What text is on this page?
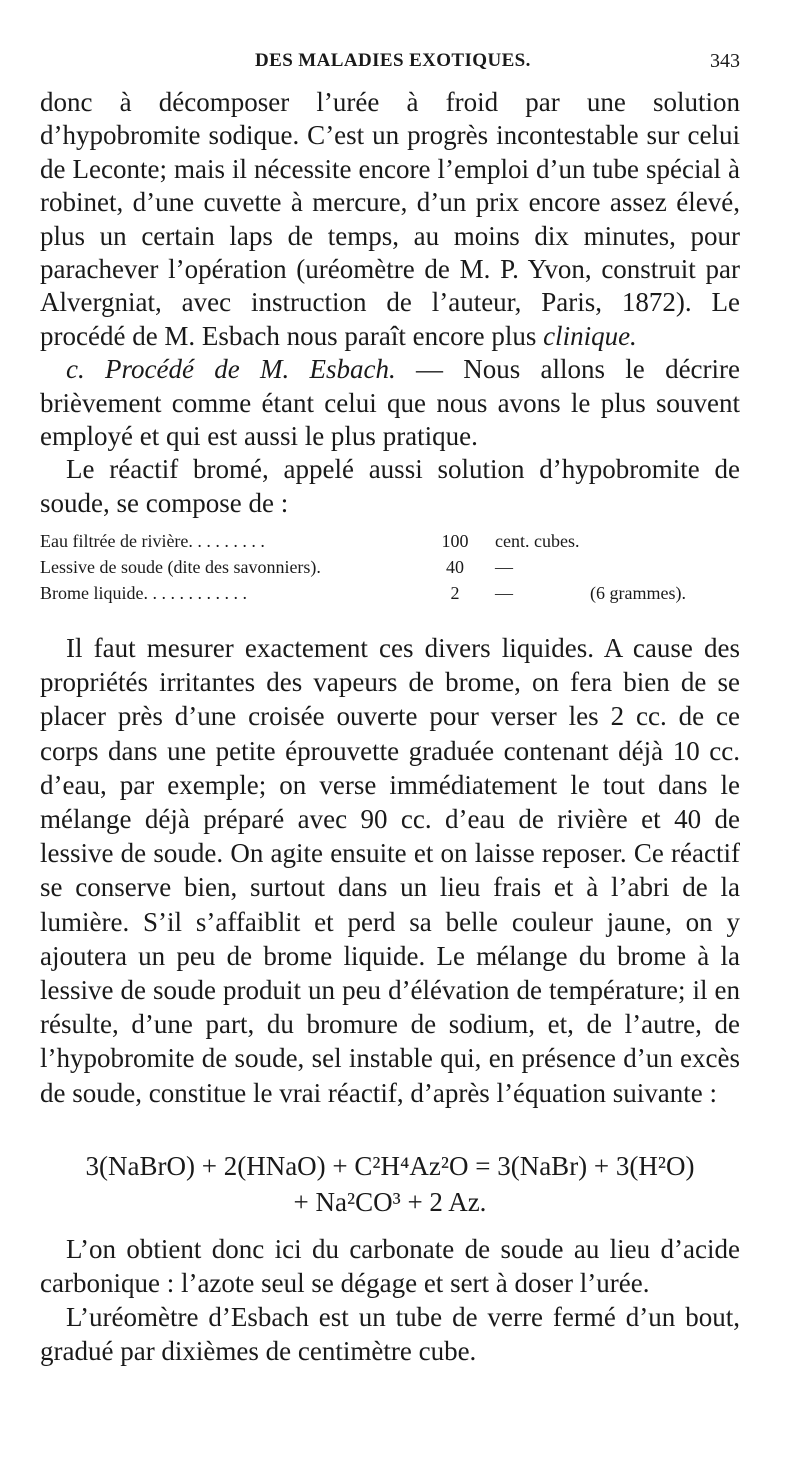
DES MALADIES EXOTIQUES.	343

donc à décomposer l’urée à froid par une solution d’hypobromite sodique. C’est un progrès incontestable sur celui de Leconte; mais il nécessite encore l’emploi d’un tube spécial à robinet, d’une cuvette à mercure, d’un prix encore assez élevé, plus un certain laps de temps, au moins dix minutes, pour parachever l’opération (uréomètre de M. P. Yvon, construit par Alvergniat, avec instruction de l’auteur, Paris, 1872). Le procédé de M. Esbach nous paraît encore plus clinique.

c. Procédé de M. Esbach. — Nous allons le décrire brièvement comme étant celui que nous avons le plus souvent employé et qui est aussi le plus pratique.

Le réactif bromé, appelé aussi solution d’hypobromite de soude, se compose de :

Eau filtrée de rivière. . . . . . . . .	100	cent. cubes.
Lessive de soude (dite des savonniers).	40	—
Brome liquide. . . . . . . . . . . .	2	—	(6 grammes).

Il faut mesurer exactement ces divers liquides. A cause des propriétés irritantes des vapeurs de brome, on fera bien de se placer près d’une croisée ouverte pour verser les 2 cc. de ce corps dans une petite éprouvette graduée contenant déjà 10 cc. d’eau, par exemple; on verse immédiatement le tout dans le mélange déjà préparé avec 90 cc. d’eau de rivière et 40 de lessive de soude. On agite ensuite et on laisse reposer. Ce réactif se conserve bien, surtout dans un lieu frais et à l’abri de la lumière. S’il s’affaiblit et perd sa belle couleur jaune, on y ajoutera un peu de brome liquide. Le mélange du brome à la lessive de soude produit un peu d’élévation de température; il en résulte, d’une part, du bromure de sodium, et, de l’autre, de l’hypobromite de soude, sel instable qui, en présence d’un excès de soude, constitue le vrai réactif, d’après l’équation suivante :

3(NaBrO) + 2(HNaO) + C²H⁴Az²O = 3(NaBr) + 3(H²O)
+ Na²CO³ + 2 Az.

L’on obtient donc ici du carbonate de soude au lieu d’acide carbonique : l’azote seul se dégage et sert à doser l’urée.

L’uréomètre d’Esbach est un tube de verre fermé d’un bout, gradué par dixièmes de centimètre cube.
